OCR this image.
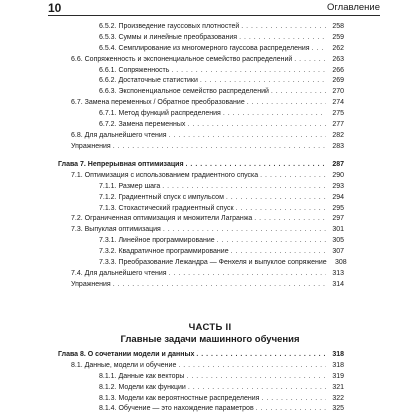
10	Оглавление
6.5.2. Произведение гауссовых плотностей . . .	258
6.5.3. Суммы и линейные преобразования . . .	259
6.5.4. Семплирование из многомерного гауссова распределения . . .	262
6.6. Сопряженность и экспоненциальное семейство распределений . . .	263
6.6.1. Сопряженность . . .	266
6.6.2. Достаточные статистики . . .	269
6.6.3. Экспоненциальное семейство распределений . . .	270
6.7. Замена переменных / Обратное преобразование . . .	274
6.7.1. Метод функций распределения . . .	275
6.7.2. Замена переменных . . .	277
6.8. Для дальнейшего чтения . . .	282
Упражнения . . .	283
Глава 7. Непрерывная оптимизация . . .	287
7.1. Оптимизация с использованием градиентного спуска . . .	290
7.1.1. Размер шага . . .	293
7.1.2. Градиентный спуск с импульсом . . .	294
7.1.3. Стохастический градиентный спуск . . .	295
7.2. Ограниченная оптимизация и множители Лагранжа . . .	297
7.3. Выпуклая оптимизация . . .	301
7.3.1. Линейное программирование . . .	305
7.3.2. Квадратичное программирование . . .	307
7.3.3. Преобразование Лежандра — Фенхеля и выпуклое сопряжение	308
7.4. Для дальнейшего чтения . . .	313
Упражнения . . .	314
ЧАСТЬ II
Главные задачи машинного обучения
Глава 8. О сочетании модели и данных . . .	318
8.1. Данные, модели и обучение . . .	318
8.1.1. Данные как векторы . . .	319
8.1.2. Модели как функции . . .	321
8.1.3. Модели как вероятностные распределения . . .	322
8.1.4. Обучение — это нахождение параметров . . .	325
